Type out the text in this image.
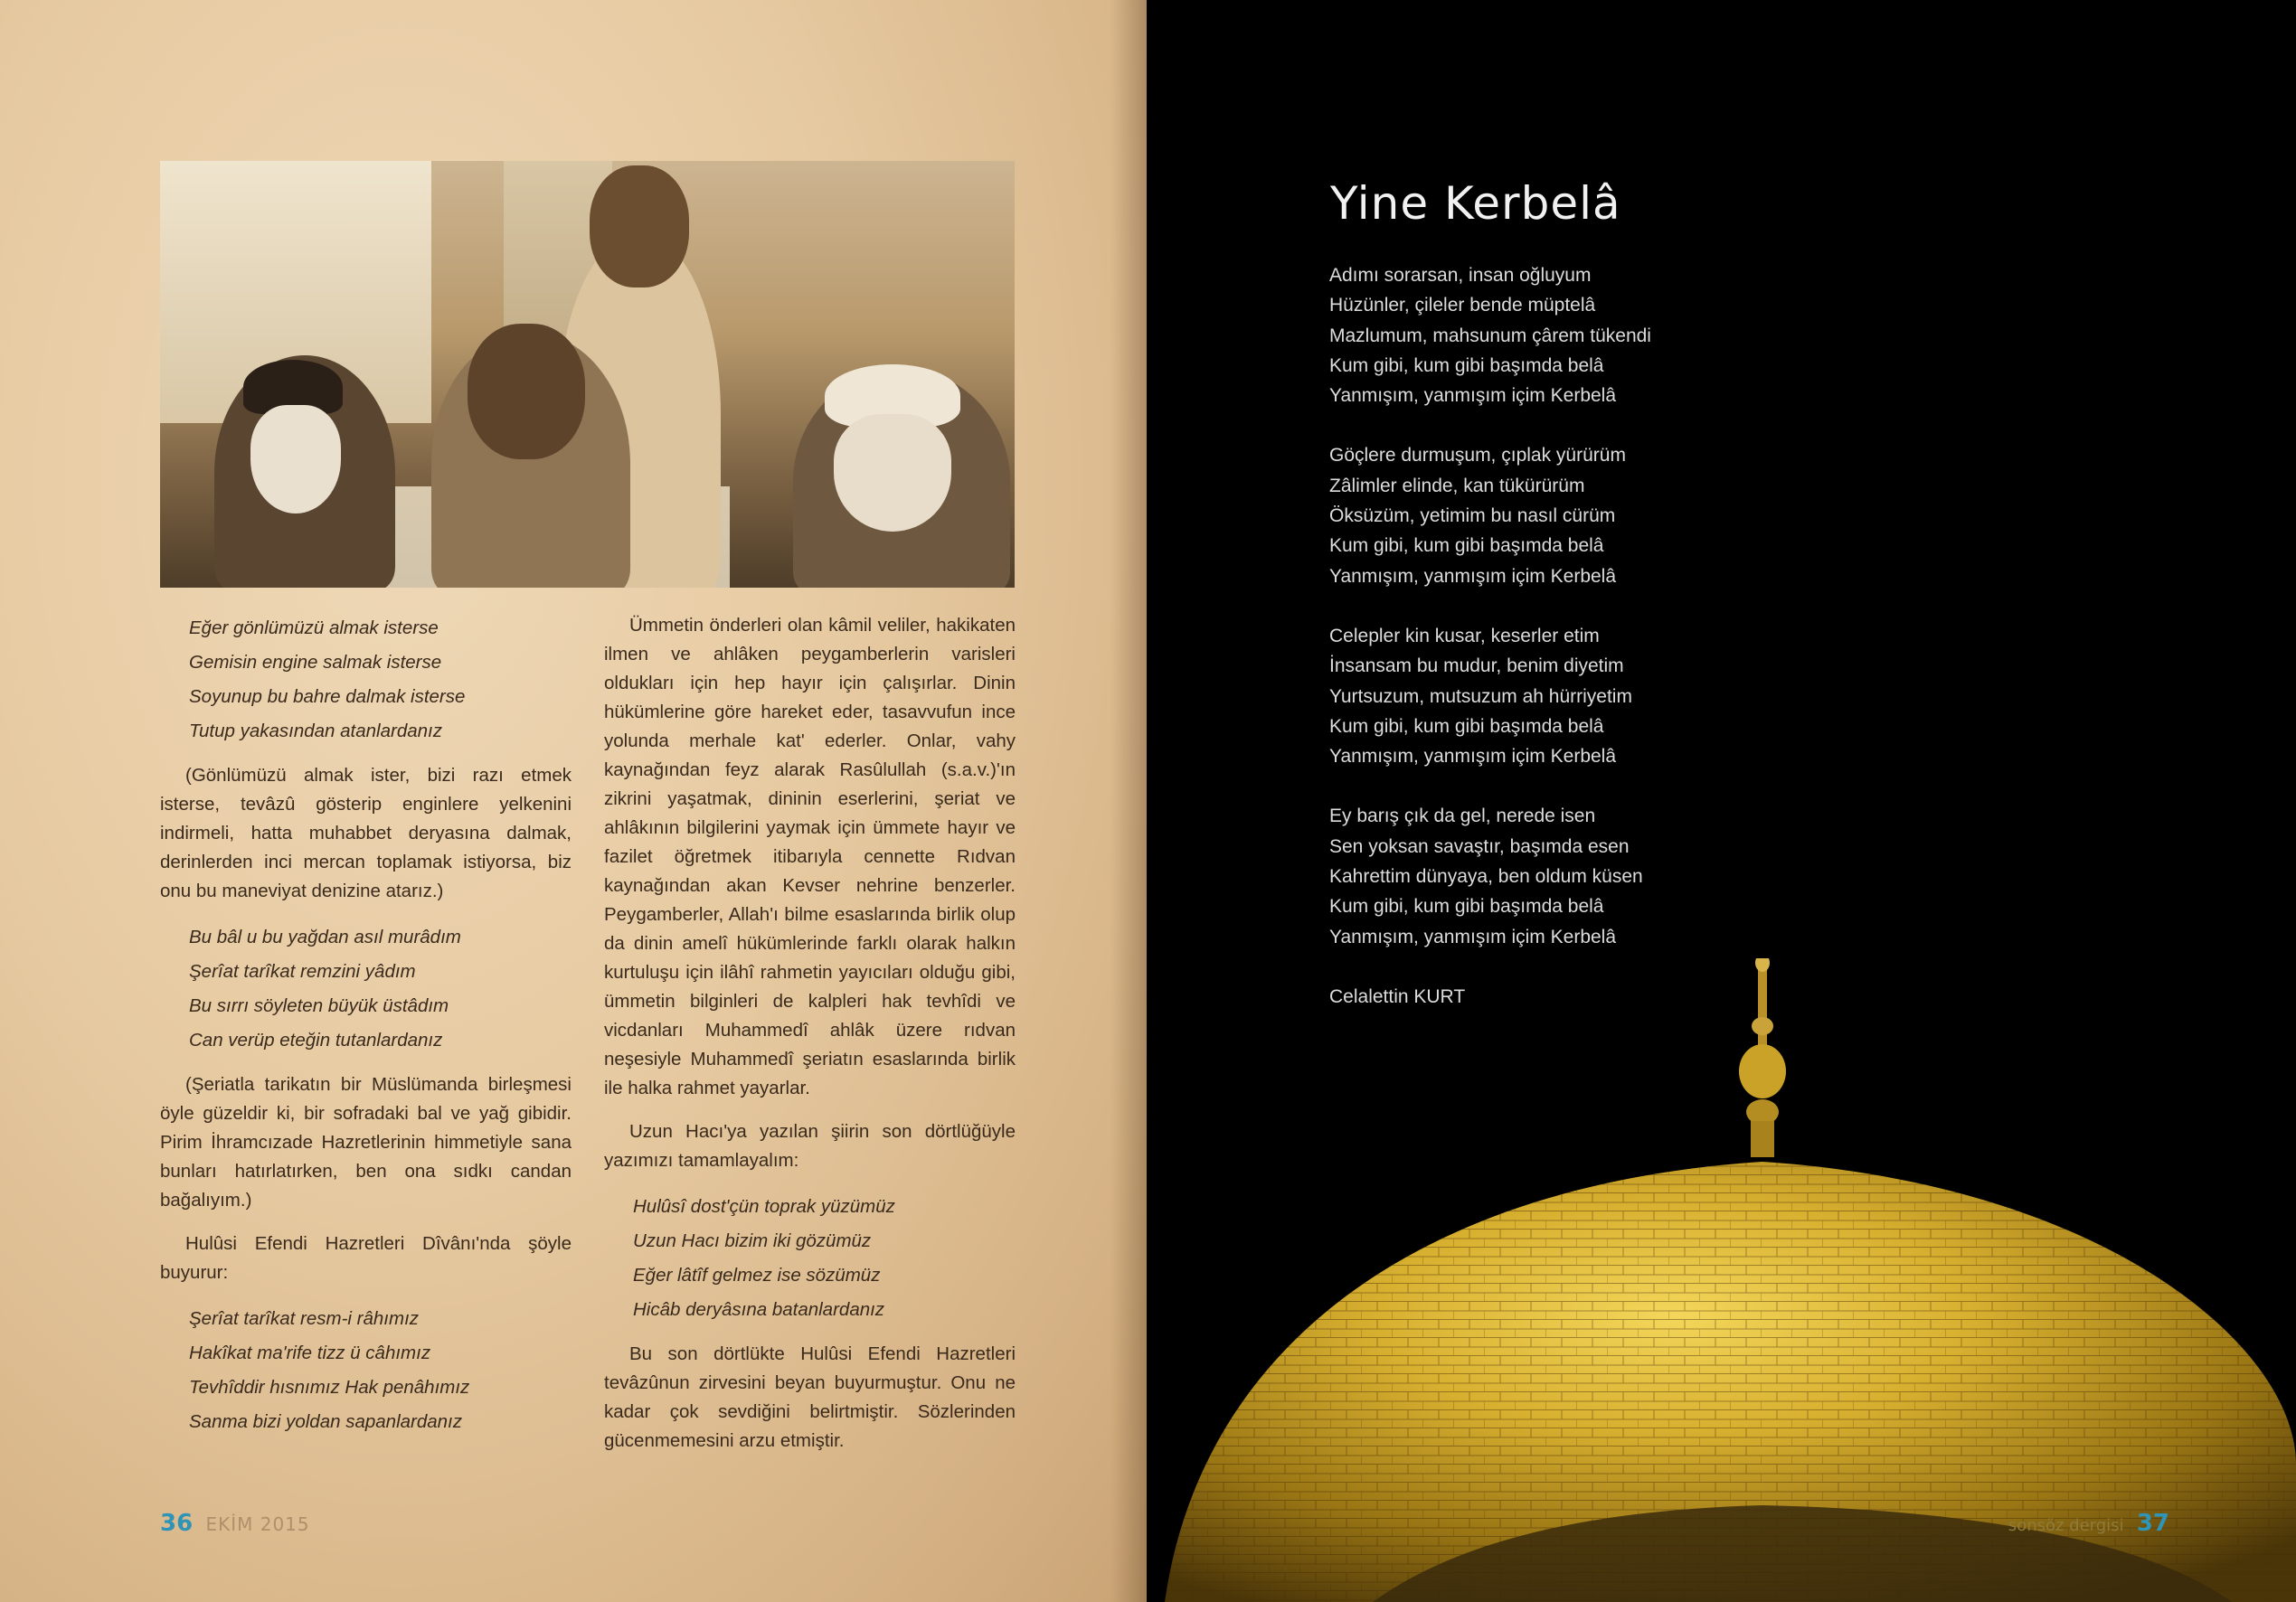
Eğer gönlümüzü almak isterse
Gemisin engine salmak isterse
Soyunup bu bahre dalmak isterse
Tutup yakasından atanlardanız

(Gönlümüzü almak ister, bizi razı etmek isterse, tevâzû gösterip enginlere yelkenini indirmeli, hatta muhabbet deryasına dalmak, derinlerden inci mercan toplamak istiyorsa, biz onu bu maneviyat denizine atarız.)

Bu bâl u bu yağdan asıl murâdım
Şerîat tarîkat remzini yâdım
Bu sırrı söyleten büyük üstâdım
Can verüp eteğin tutanlardanız

(Şeriatla tarikatın bir Müslümanda birleşmesi öyle güzeldir ki, bir sofradaki bal ve yağ gibidir. Pirim İhramcızade Hazretlerinin himmetiyle sana bunları hatırlatırken, ben ona sıdkı candan bağalıyım.)

Hulûsi Efendi Hazretleri Dîvânı'nda şöyle buyurur:

Şerîat tarîkat resm-i râhımız
Hakîkat ma'rife tizz ü câhımız
Tevhîddir hısnımız Hak penâhımız
Sanma bizi yoldan sapanlardanız

Ümmetin önderleri olan kâmil veliler, hakikaten ilmen ve ahlâken peygamberlerin varisleri oldukları için hep hayır için çalışırlar. Dinin hükümlerine göre hareket eder, tasavvufun ince yolunda merhale kat' ederler. Onlar, vahy kaynağından feyz alarak Rasûlullah (s.a.v.)'ın zikrini yaşatmak, dininin eserlerini, şeriat ve ahlâkının bilgilerini yaymak için ümmete hayır ve fazilet öğretmek itibarıyla cennette Rıdvan kaynağından akan Kevser nehrine benzerler. Peygamberler, Allah'ı bilme esaslarında birlik olup da dinin amelî hükümlerinde farklı olarak halkın kurtuluşu için ilâhî rahmetin yayıcıları olduğu gibi, ümmetin bilginleri de kalpleri hak tevhîdi ve vicdanları Muhammedî ahlâk üzere rıdvan neşesiyle Muhammedî şeriatın esaslarında birlik ile halka rahmet yayarlar.

Uzun Hacı'ya yazılan şiirin son dörtlüğüyle yazımızı tamamlayalım:

Hulûsî dost'çün toprak yüzümüz
Uzun Hacı bizim iki gözümüz
Eğer lâtîf gelmez ise sözümüz
Hicâb deryâsına batanlardanız

Bu son dörtlükte Hulûsi Efendi Hazretleri tevâzûnun zirvesini beyan buyurmuştur. Onu ne kadar çok sevdiğini belirtmiştir. Sözlerinden gücenmemesini arzu etmiştir.

36 EKİM 2015
Yine Kerbelâ
Adımı sorarsan, insan oğluyum
Hüzünler, çileler bende müptelâ
Mazlumum, mahsunum çârem tükendi
Kum gibi, kum gibi başımda belâ
Yanmışım, yanmışım içim Kerbelâ
Göçlere durmuşum, çıplak yürürüm
Zâlimler elinde, kan tükürürüm
Öksüzüm, yetimim bu nasıl cürüm
Kum gibi, kum gibi başımda belâ
Yanmışım, yanmışım içim Kerbelâ
Celepler kin kusar, keserler etim
İnsansam bu mudur, benim diyetim
Yurtsuzum, mutsuzum ah hürriyetim
Kum gibi, kum gibi başımda belâ
Yanmışım, yanmışım içim Kerbelâ
Ey barış çık da gel, nerede isen
Sen yoksan savaştır, başımda esen
Kahrettim dünyaya, ben oldum küsen
Kum gibi, kum gibi başımda belâ
Yanmışım, yanmışım içim Kerbelâ
Celalettin KURT
sonsöz dergisi 37
